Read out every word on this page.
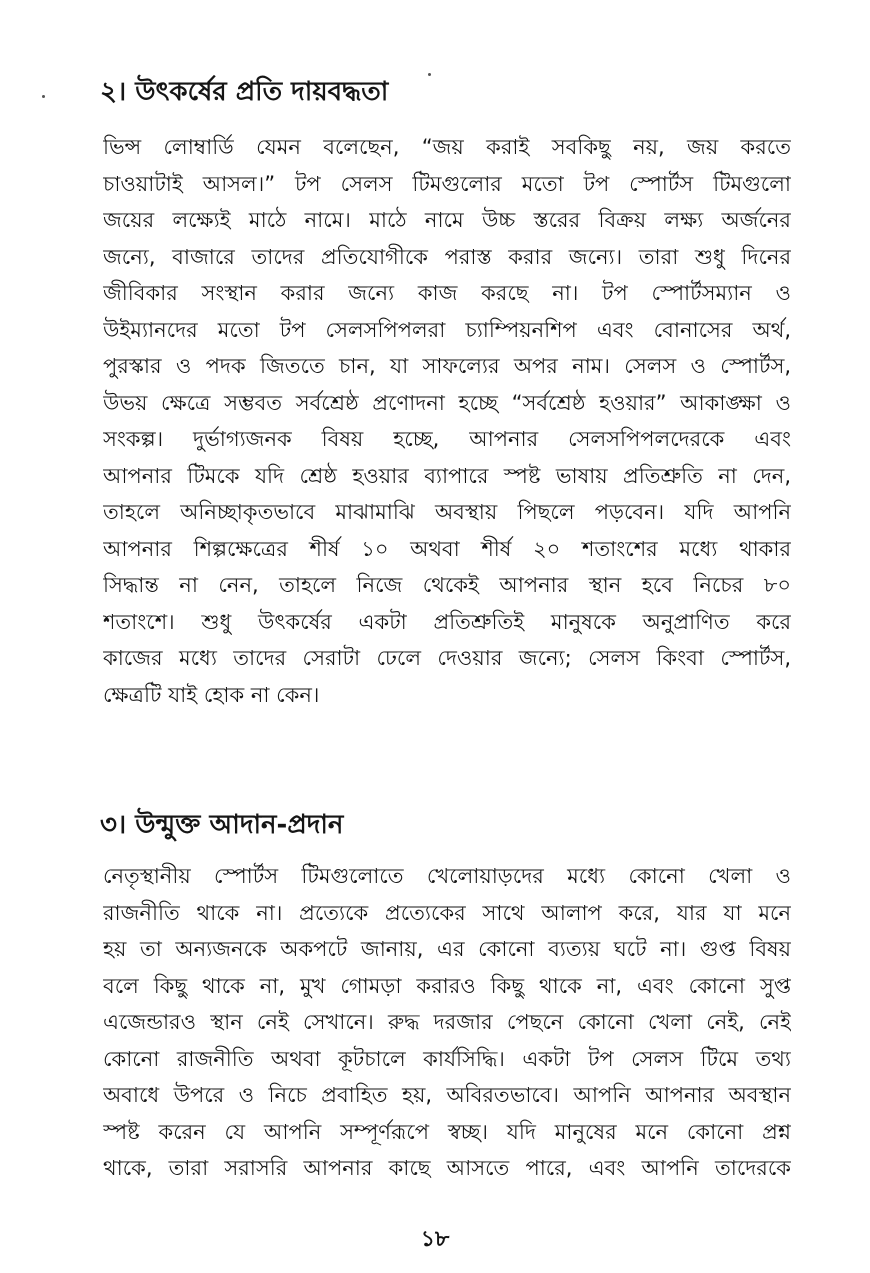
২। উৎকর্ষের প্রতি দায়বদ্ধতা
ভিন্স লোম্বার্ডি যেমন বলেছেন, “জয় করাই সবকিছু নয়, জয় করতে
চাওয়াটাই আসল।” টপ সেলস টিমগুলোর মতো টপ স্পোর্টস টিমগুলো
জয়ের লক্ষ্যেই মাঠে নামে। মাঠে নামে উচ্চ স্তরের বিক্রয় লক্ষ্য অর্জনের
জন্যে, বাজারে তাদের প্রতিযোগীকে পরাস্ত করার জন্যে। তারা শুধু দিনের
জীবিকার সংস্থান করার জন্যে কাজ করছে না। টপ স্পোর্টসম্যান ও
উইম্যানদের মতো টপ সেলসপিপলরা চ্যাম্পিয়নশিপ এবং বোনাসের অর্থ,
পুরস্কার ও পদক জিততে চান, যা সাফল্যের অপর নাম। সেলস ও স্পোর্টস,
উভয় ক্ষেত্রে সম্ভবত সর্বশ্রেষ্ঠ প্রণোদনা হচ্ছে “সর্বশ্রেষ্ঠ হওয়ার” আকাঙ্ক্ষা ও
সংকল্প। দুর্ভাগ্যজনক বিষয় হচ্ছে, আপনার সেলসপিপলদেরকে এবং
আপনার টিমকে যদি শ্রেষ্ঠ হওয়ার ব্যাপারে স্পষ্ট ভাষায় প্রতিশ্রুতি না দেন,
তাহলে অনিচ্ছাকৃতভাবে মাঝামাঝি অবস্থায় পিছলে পড়বেন। যদি আপনি
আপনার শিল্পক্ষেত্রের শীর্ষ ১০ অথবা শীর্ষ ২০ শতাংশের মধ্যে থাকার
সিদ্ধান্ত না নেন, তাহলে নিজে থেকেই আপনার স্থান হবে নিচের ৮০
শতাংশে। শুধু উৎকর্ষের একটা প্রতিশ্রুতিই মানুষকে অনুপ্রাণিত করে
কাজের মধ্যে তাদের সেরাটা ঢেলে দেওয়ার জন্যে; সেলস কিংবা স্পোর্টস,
ক্ষেত্রটি যাই হোক না কেন।
৩। উন্মুক্ত আদান-প্রদান
নেতৃস্থানীয় স্পোর্টস টিমগুলোতে খেলোয়াড়দের মধ্যে কোনো খেলা ও
রাজনীতি থাকে না। প্রত্যেকে প্রত্যেকের সাথে আলাপ করে, যার যা মনে
হয় তা অন্যজনকে অকপটে জানায়, এর কোনো ব্যত্যয় ঘটে না। গুপ্ত বিষয়
বলে কিছু থাকে না, মুখ গোমড়া করারও কিছু থাকে না, এবং কোনো সুপ্ত
এজেন্ডারও স্থান নেই সেখানে। রুদ্ধ দরজার পেছনে কোনো খেলা নেই, নেই
কোনো রাজনীতি অথবা কূটচালে কার্যসিদ্ধি। একটা টপ সেলস টিমে তথ্য
অবাধে উপরে ও নিচে প্রবাহিত হয়, অবিরতভাবে। আপনি আপনার অবস্থান
স্পষ্ট করেন যে আপনি সম্পূর্ণরূপে স্বচ্ছ। যদি মানুষের মনে কোনো প্রশ্ন
থাকে, তারা সরাসরি আপনার কাছে আসতে পারে, এবং আপনি তাদেরকে
১৮
